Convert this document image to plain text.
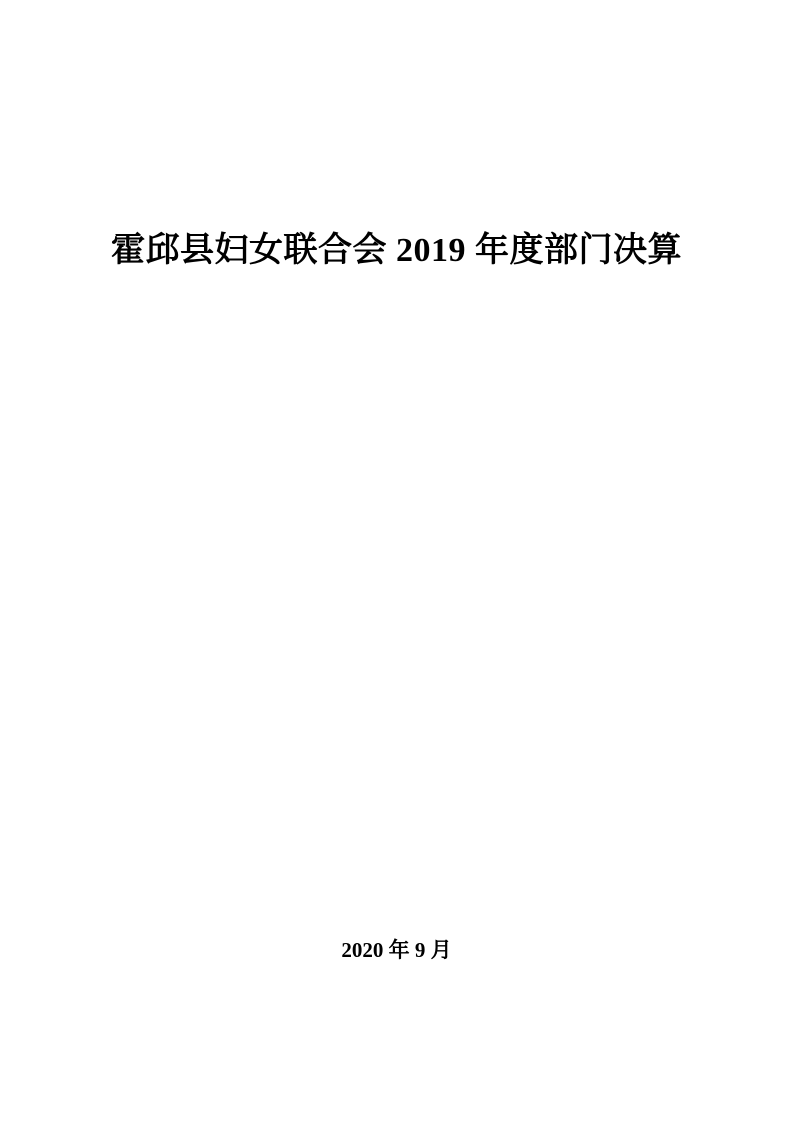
霍邱县妇女联合会 2019 年度部门决算
2020 年 9 月
